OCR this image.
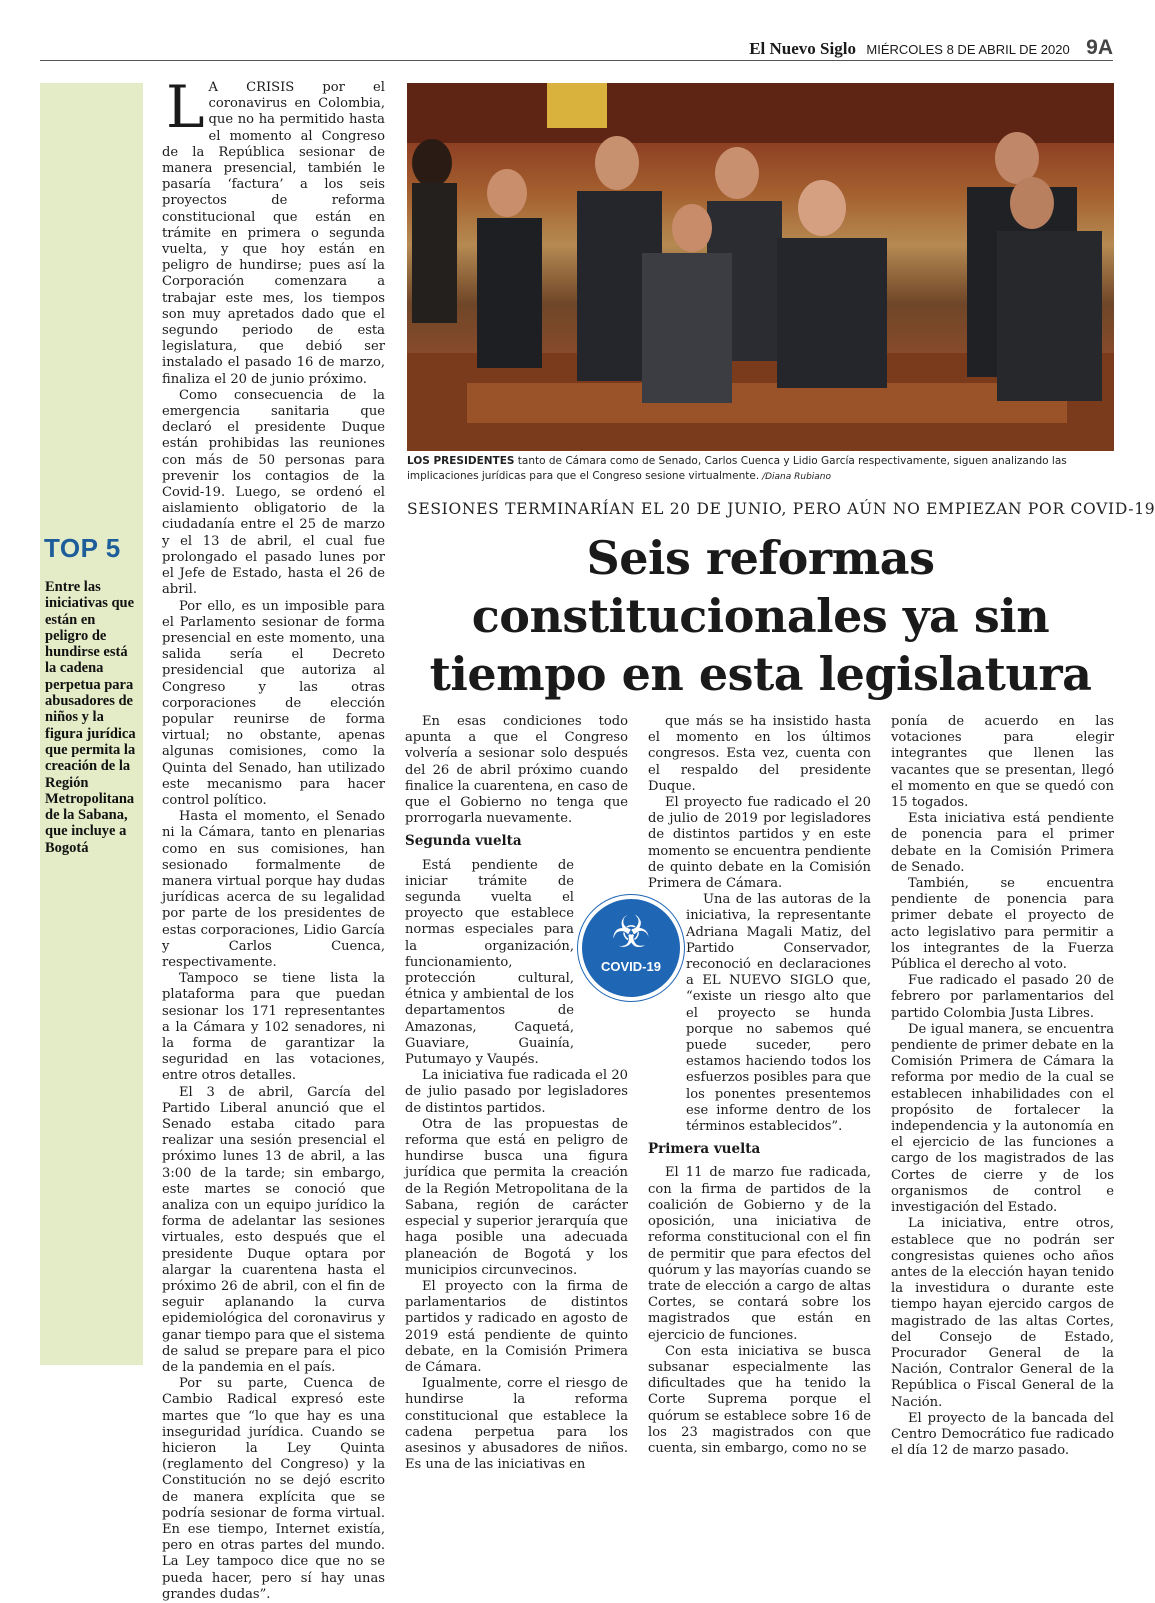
El Nuevo Siglo MIÉRCOLES 8 DE ABRIL DE 2020 9A
TOP 5
Entre las iniciativas que están en peligro de hundirse está la cadena perpetua para abusadores de niños y la figura jurídica que permita la creación de la Región Metropolitana de la Sabana, que incluye a Bogotá
L A CRISIS por el coronavirus en Colombia, que no ha permitido hasta el momento al Congreso de la República sesionar de manera presencial, también le pasaría ‘factura’ a los seis proyectos de reforma constitucional que están en trámite en primera o segunda vuelta, y que hoy están en peligro de hundirse; pues así la Corporación comenzara a trabajar este mes, los tiempos son muy apretados dado que el segundo periodo de esta legislatura, que debió ser instalado el pasado 16 de marzo, finaliza el 20 de junio próximo.

Como consecuencia de la emergencia sanitaria que declaró el presidente Duque están prohibidas las reuniones con más de 50 personas para prevenir los contagios de la Covid-19. Luego, se ordenó el aislamiento obligatorio de la ciudadanía entre el 25 de marzo y el 13 de abril, el cual fue prolongado el pasado lunes por el Jefe de Estado, hasta el 26 de abril.

Por ello, es un imposible para el Parlamento sesionar de forma presencial en este momento, una salida sería el Decreto presidencial que autoriza al Congreso y las otras corporaciones de elección popular reunirse de forma virtual; no obstante, apenas algunas comisiones, como la Quinta del Senado, han utilizado este mecanismo para hacer control político.

Hasta el momento, el Senado ni la Cámara, tanto en plenarias como en sus comisiones, han sesionado formalmente de manera virtual porque hay dudas jurídicas acerca de su legalidad por parte de los presidentes de estas corporaciones, Lidio García y Carlos Cuenca, respectivamente.

Tampoco se tiene lista la plataforma para que puedan sesionar los 171 representantes a la Cámara y 102 senadores, ni la forma de garantizar la seguridad en las votaciones, entre otros detalles.

El 3 de abril, García del Partido Liberal anunció que el Senado estaba citado para realizar una sesión presencial el próximo lunes 13 de abril, a las 3:00 de la tarde; sin embargo, este martes se conoció que analiza con un equipo jurídico la forma de adelantar las sesiones virtuales, esto después que el presidente Duque optara por alargar la cuarentena hasta el próximo 26 de abril, con el fin de seguir aplanando la curva epidemiológica del coronavirus y ganar tiempo para que el sistema de salud se prepare para el pico de la pandemia en el país.

Por su parte, Cuenca de Cambio Radical expresó este martes que “lo que hay es una inseguridad jurídica. Cuando se hicieron la Ley Quinta (reglamento del Congreso) y la Constitución no se dejó escrito de manera explícita que se podría sesionar de forma virtual. En ese tiempo, Internet existía, pero en otras partes del mundo. La Ley tampoco dice que no se pueda hacer, pero sí hay unas grandes dudas”.

LOS PRESIDENTES tanto de Cámara como de Senado, Carlos Cuenca y Lidio García respectivamente, siguen analizando las implicaciones jurídicas para que el Congreso sesione virtualmente. /Diana Rubiano
SESIONES TERMINARÍAN EL 20 DE JUNIO, PERO AÚN NO EMPIEZAN POR COVID-19
Seis reformas
constitucionales ya sin
tiempo en esta legislatura

En esas condiciones todo apunta a que el Congreso volvería a sesionar solo después del 26 de abril próximo cuando finalice la cuarentena, en caso de que el Gobierno no tenga que prorrogarla nuevamente.

Segunda vuelta

Está pendiente de iniciar trámite de segunda vuelta el proyecto que establece normas especiales para la organización, funcionamiento, protección cultural, étnica y ambiental de los departamentos de Amazonas, Caquetá, Guaviare, Guainía, Putumayo y Vaupés.

La iniciativa fue radicada el 20 de julio pasado por legisladores de distintos partidos.

Otra de las propuestas de reforma que está en peligro de hundirse busca una figura jurídica que permita la creación de la Región Metropolitana de la Sabana, región de carácter especial y superior jerarquía que haga posible una adecuada planeación de Bogotá y los municipios circunvecinos.

El proyecto con la firma de parlamentarios de distintos partidos y radicado en agosto de 2019 está pendiente de quinto debate, en la Comisión Primera de Cámara.

Igualmente, corre el riesgo de hundirse la reforma constitucional que establece la cadena perpetua para los asesinos y abusadores de niños. Es una de las iniciativas en

que más se ha insistido hasta el momento en los últimos congresos. Esta vez, cuenta con el respaldo del presidente Duque.

El proyecto fue radicado el 20 de julio de 2019 por legisladores de distintos partidos y en este momento se encuentra pendiente de quinto debate en la Comisión Primera de Cámara.

Una de las autoras de la iniciativa, la representante Adriana Magali Matiz, del Partido Conservador, reconoció en declaraciones a EL NUEVO SIGLO que, “existe un riesgo alto que el proyecto se hunda porque no sabemos qué puede suceder, pero estamos haciendo todos los esfuerzos posibles para que los ponentes presentemos ese informe dentro de los términos establecidos”.

Primera vuelta

El 11 de marzo fue radicada, con la firma de partidos de la coalición de Gobierno y de la oposición, una iniciativa de reforma constitucional con el fin de permitir que para efectos del quórum y las mayorías cuando se trate de elección a cargo de altas Cortes, se contará sobre los magistrados que están en ejercicio de funciones.

Con esta iniciativa se busca subsanar especialmente las dificultades que ha tenido la Corte Suprema porque el quórum se establece sobre 16 de los 23 magistrados con que cuenta, sin embargo, como no se

ponía de acuerdo en las votaciones para elegir integrantes que llenen las vacantes que se presentan, llegó el momento en que se quedó con 15 togados.

Esta iniciativa está pendiente de ponencia para el primer debate en la Comisión Primera de Senado.

También, se encuentra pendiente de ponencia para primer debate el proyecto de acto legislativo para permitir a los integrantes de la Fuerza Pública el derecho al voto.

Fue radicado el pasado 20 de febrero por parlamentarios del partido Colombia Justa Libres.

De igual manera, se encuentra pendiente de primer debate en la Comisión Primera de Cámara la reforma por medio de la cual se establecen inhabilidades con el propósito de fortalecer la independencia y la autonomía en el ejercicio de las funciones a cargo de los magistrados de las Cortes de cierre y de los organismos de control e investigación del Estado.

La iniciativa, entre otros, establece que no podrán ser congresistas quienes ocho años antes de la elección hayan tenido la investidura o durante este tiempo hayan ejercido cargos de magistrado de las altas Cortes, del Consejo de Estado, Procurador General de la Nación, Contralor General de la República o Fiscal General de la Nación.

El proyecto de la bancada del Centro Democrático fue radicado el día 12 de marzo pasado.

☣
COVID-19
